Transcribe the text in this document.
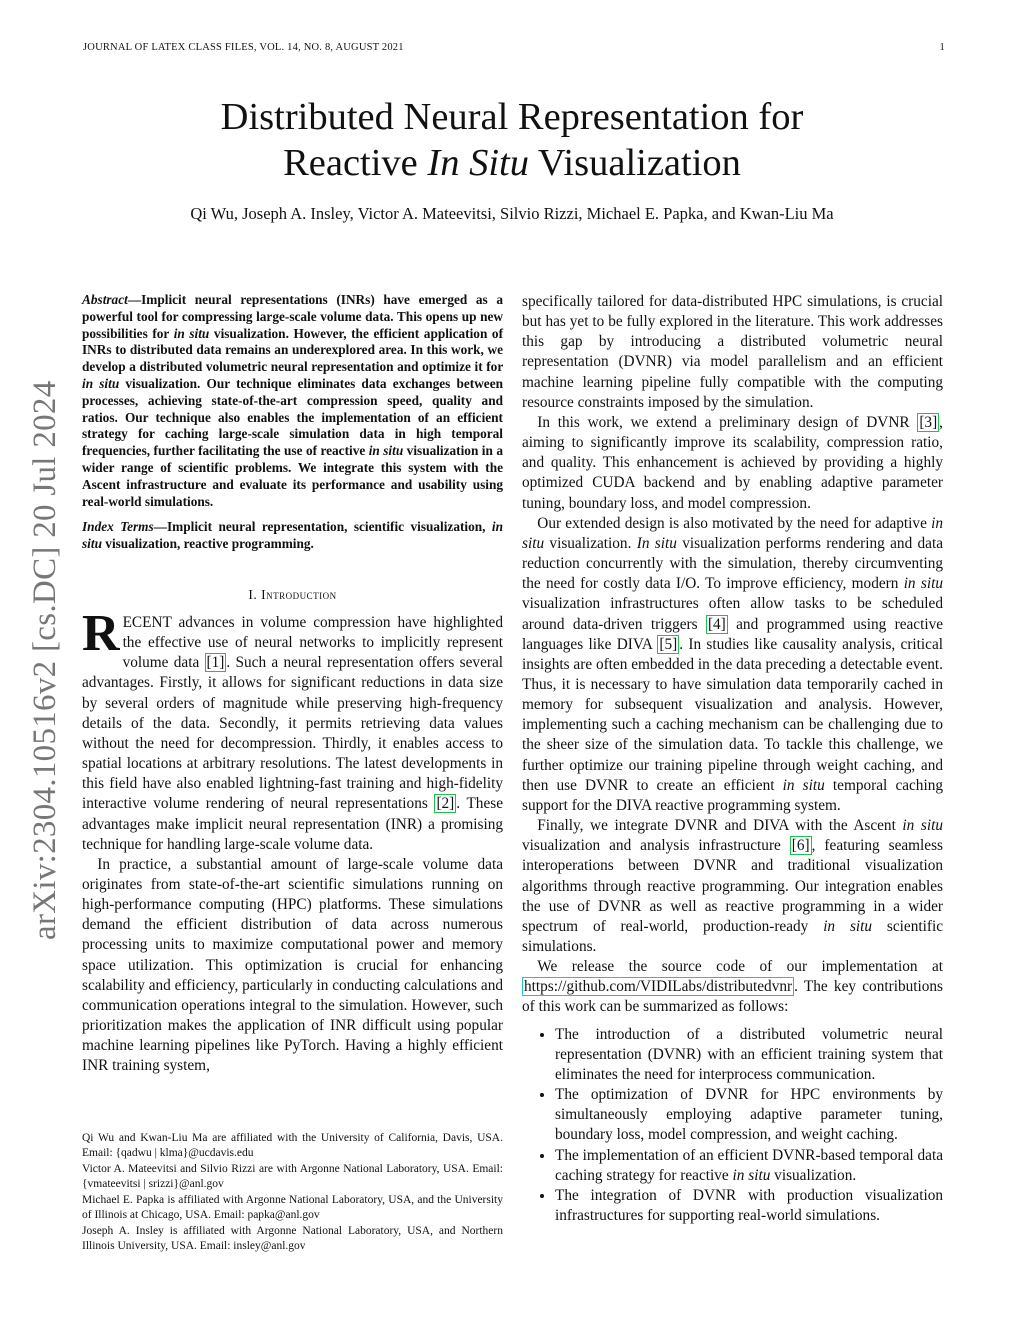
JOURNAL OF LATEX CLASS FILES, VOL. 14, NO. 8, AUGUST 2021	1
Distributed Neural Representation for
Reactive In Situ Visualization
Qi Wu, Joseph A. Insley, Victor A. Mateevitsi, Silvio Rizzi, Michael E. Papka, and Kwan-Liu Ma
arXiv:2304.10516v2 [cs.DC] 20 Jul 2024

Abstract—Implicit neural representations (INRs) have emerged as a powerful tool for compressing large-scale volume data. This opens up new possibilities for in situ visualization. However, the efficient application of INRs to distributed data remains an underexplored area. In this work, we develop a distributed volumetric neural representation and optimize it for in situ visualization. Our technique eliminates data exchanges between processes, achieving state-of-the-art compression speed, quality and ratios. Our technique also enables the implementation of an efficient strategy for caching large-scale simulation data in high temporal frequencies, further facilitating the use of reactive in situ visualization in a wider range of scientific problems. We integrate this system with the Ascent infrastructure and evaluate its performance and usability using real-world simulations.

Index Terms—Implicit neural representation, scientific visualization, in situ visualization, reactive programming.

I. Introduction

RECENT advances in volume compression have highlighted the effective use of neural networks to implicitly represent volume data [1] . Such a neural representation offers several advantages. Firstly, it allows for significant reductions in data size by several orders of magnitude while preserving high-frequency details of the data. Secondly, it permits retrieving data values without the need for decompression. Thirdly, it enables access to spatial locations at arbitrary resolutions. The latest developments in this field have also enabled lightning-fast training and high-fidelity interactive volume rendering of neural representations [2] . These advantages make implicit neural representation (INR) a promising technique for handling large-scale volume data.

In practice, a substantial amount of large-scale volume data originates from state-of-the-art scientific simulations running on high-performance computing (HPC) platforms. These simulations demand the efficient distribution of data across numerous processing units to maximize computational power and memory space utilization. This optimization is crucial for enhancing scalability and efficiency, particularly in conducting calculations and communication operations integral to the simulation. However, such prioritization makes the application of INR difficult using popular machine learning pipelines like PyTorch. Having a highly efficient INR training system,

Qi Wu and Kwan-Liu Ma are affiliated with the University of California, Davis, USA. Email: {qadwu | klma}@ucdavis.edu

Victor A. Mateevitsi and Silvio Rizzi are with Argonne National Laboratory, USA. Email: {vmateevitsi | srizzi}@anl.gov

Michael E. Papka is affiliated with Argonne National Laboratory, USA, and the University of Illinois at Chicago, USA. Email: papka@anl.gov

Joseph A. Insley is affiliated with Argonne National Laboratory, USA, and Northern Illinois University, USA. Email: insley@anl.gov

specifically tailored for data-distributed HPC simulations, is crucial but has yet to be fully explored in the literature. This work addresses this gap by introducing a distributed volumetric neural representation (DVNR) via model parallelism and an efficient machine learning pipeline fully compatible with the computing resource constraints imposed by the simulation.

In this work, we extend a preliminary design of DVNR [3] , aiming to significantly improve its scalability, compression ratio, and quality. This enhancement is achieved by providing a highly optimized CUDA backend and by enabling adaptive parameter tuning, boundary loss, and model compression.

Our extended design is also motivated by the need for adaptive in situ visualization. In situ visualization performs rendering and data reduction concurrently with the simulation, thereby circumventing the need for costly data I/O. To improve efficiency, modern in situ visualization infrastructures often allow tasks to be scheduled around data-driven triggers [4] and programmed using reactive languages like DIVA [5] . In studies like causality analysis, critical insights are often embedded in the data preceding a detectable event. Thus, it is necessary to have simulation data temporarily cached in memory for subsequent visualization and analysis. However, implementing such a caching mechanism can be challenging due to the sheer size of the simulation data. To tackle this challenge, we further optimize our training pipeline through weight caching, and then use DVNR to create an efficient in situ temporal caching support for the DIVA reactive programming system.

Finally, we integrate DVNR and DIVA with the Ascent in situ visualization and analysis infrastructure [6] , featuring seamless interoperations between DVNR and traditional visualization algorithms through reactive programming. Our integration enables the use of DVNR as well as reactive programming in a wider spectrum of real-world, production-ready in situ scientific simulations.

We release the source code of our implementation at https://github.com/VIDILabs/distributedvnr . The key contributions of this work can be summarized as follows:

• The introduction of a distributed volumetric neural representation (DVNR) with an efficient training system that eliminates the need for interprocess communication.
• The optimization of DVNR for HPC environments by simultaneously employing adaptive parameter tuning, boundary loss, model compression, and weight caching.
• The implementation of an efficient DVNR-based temporal data caching strategy for reactive in situ visualization.
• The integration of DVNR with production visualization infrastructures for supporting real-world simulations.
